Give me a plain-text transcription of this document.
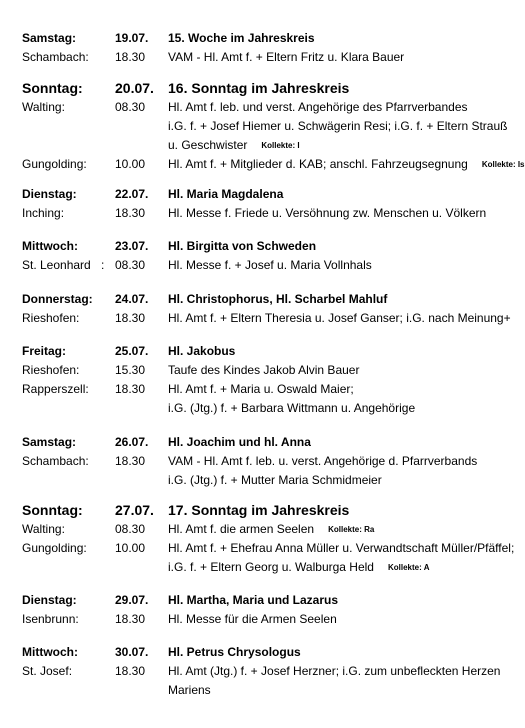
Samstag:	19.07. 15. Woche im Jahreskreis
Schambach: 18.30 VAM - Hl. Amt f. + Eltern Fritz u. Klara Bauer
Sonntag: 20.07. 16. Sonntag im Jahreskreis
Walting:	08.30 Hl. Amt f. leb. und verst. Angehörige des Pfarrverbandes
i.G. f. + Josef Hiemer u. Schwägerin Resi; i.G. f. + Eltern Strauß
u. Geschwister Kollekte: I
Gungolding: 10.00 Hl. Amt f. + Mitglieder d. KAB; anschl. Fahrzeugsegnung Kollekte: Is
Dienstag:	22.07. Hl. Maria Magdalena
Inching:	18.30 Hl. Messe f. Friede u. Versöhnung zw. Menschen u. Völkern
Mittwoch:	23.07. Hl. Birgitta von Schweden
St. Leonhard : 08.30 Hl. Messe f. + Josef u. Maria Vollnhals
Donnerstag: 24.07. Hl. Christophorus, Hl. Scharbel Mahluf
Rieshofen:	18.30 Hl. Amt f. + Eltern Theresia u. Josef Ganser; i.G. nach Meinung+
Freitag:	25.07. Hl. Jakobus
Rieshofen:	15.30 Taufe des Kindes Jakob Alvin Bauer
Rapperszell: 18.30 Hl. Amt f. + Maria u. Oswald Maier;
i.G. (Jtg.) f. + Barbara Wittmann u. Angehörige
Samstag:	26.07. Hl. Joachim und hl. Anna
Schambach: 18.30 VAM - Hl. Amt f. leb. u. verst. Angehörige d. Pfarrverbands
i.G. (Jtg.) f. + Mutter Maria Schmidmeier
Sonntag: 27.07. 17. Sonntag im Jahreskreis
Walting:	08.30 Hl. Amt f. die armen Seelen Kollekte: Ra
Gungolding: 10.00 Hl. Amt f. + Ehefrau Anna Müller u. Verwandtschaft Müller/Pfäffel;
i.G. f. + Eltern Georg u. Walburga Held Kollekte: A
Dienstag:	29.07. Hl. Martha, Maria und Lazarus
Isenbrunn:	18.30 Hl. Messe für die Armen Seelen
Mittwoch:	30.07. Hl. Petrus Chrysologus
St. Josef:	18.30 Hl. Amt (Jtg.) f. + Josef Herzner; i.G. zum unbefleckten Herzen
Mariens
